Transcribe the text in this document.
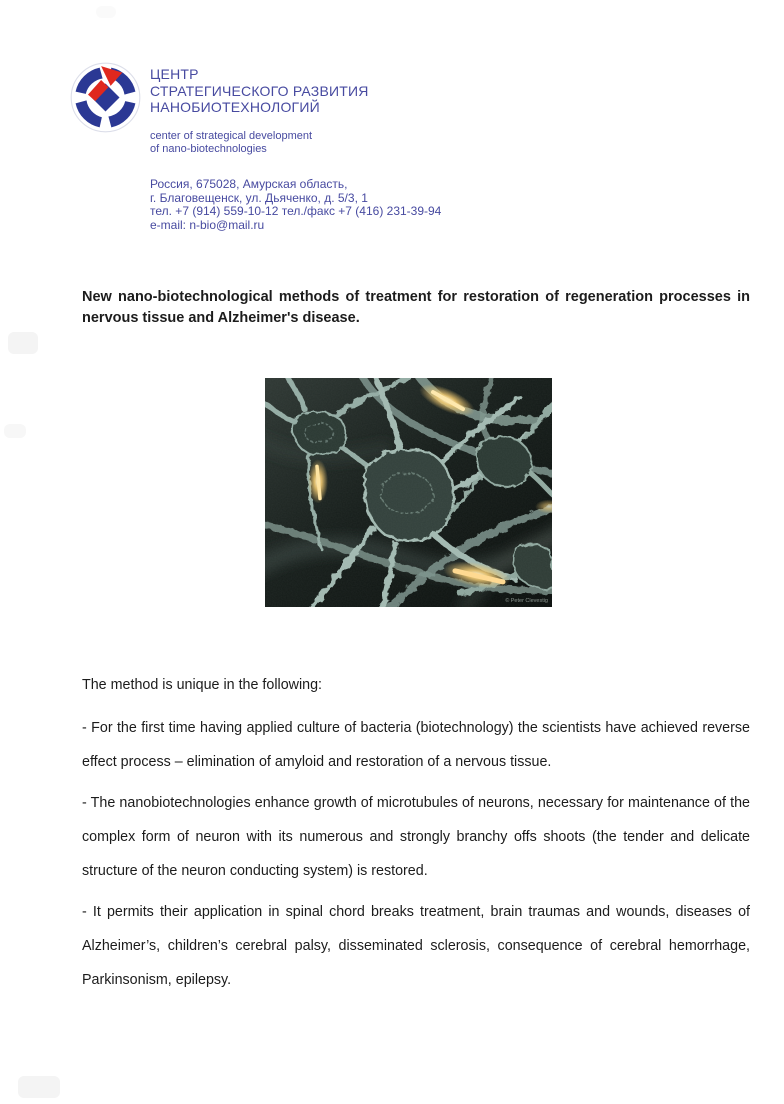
ЦЕНТР
СТРАТЕГИЧЕСКОГО РАЗВИТИЯ
НАНОБИОТЕХНОЛОГИЙ
center of strategical development
of nano-biotechnologies
Россия, 675028, Амурская область,
г. Благовещенск, ул. Дьяченко, д. 5/3, 1
тел. +7 (914) 559-10-12 тел./факс +7 (416) 231-39-94
e-mail: n-bio@mail.ru
New nano-biotechnological methods of treatment for restoration of regeneration processes in nervous tissue and Alzheimer's disease.
© Peter Clevestig

The method is unique in the following:

- For the first time having applied culture of bacteria (biotechnology) the scientists have achieved reverse effect process – elimination of amyloid and restoration of a nervous tissue.

- The nanobiotechnologies enhance growth of microtubules of neurons, necessary for maintenance of the complex form of neuron with its numerous and strongly branchy offs shoots (the tender and delicate structure of the neuron conducting system) is restored.

- It permits their application in spinal chord breaks treatment, brain traumas and wounds, diseases of Alzheimer’s, children’s cerebral palsy, disseminated sclerosis, consequence of cerebral hemorrhage, Parkinsonism, epilepsy.
